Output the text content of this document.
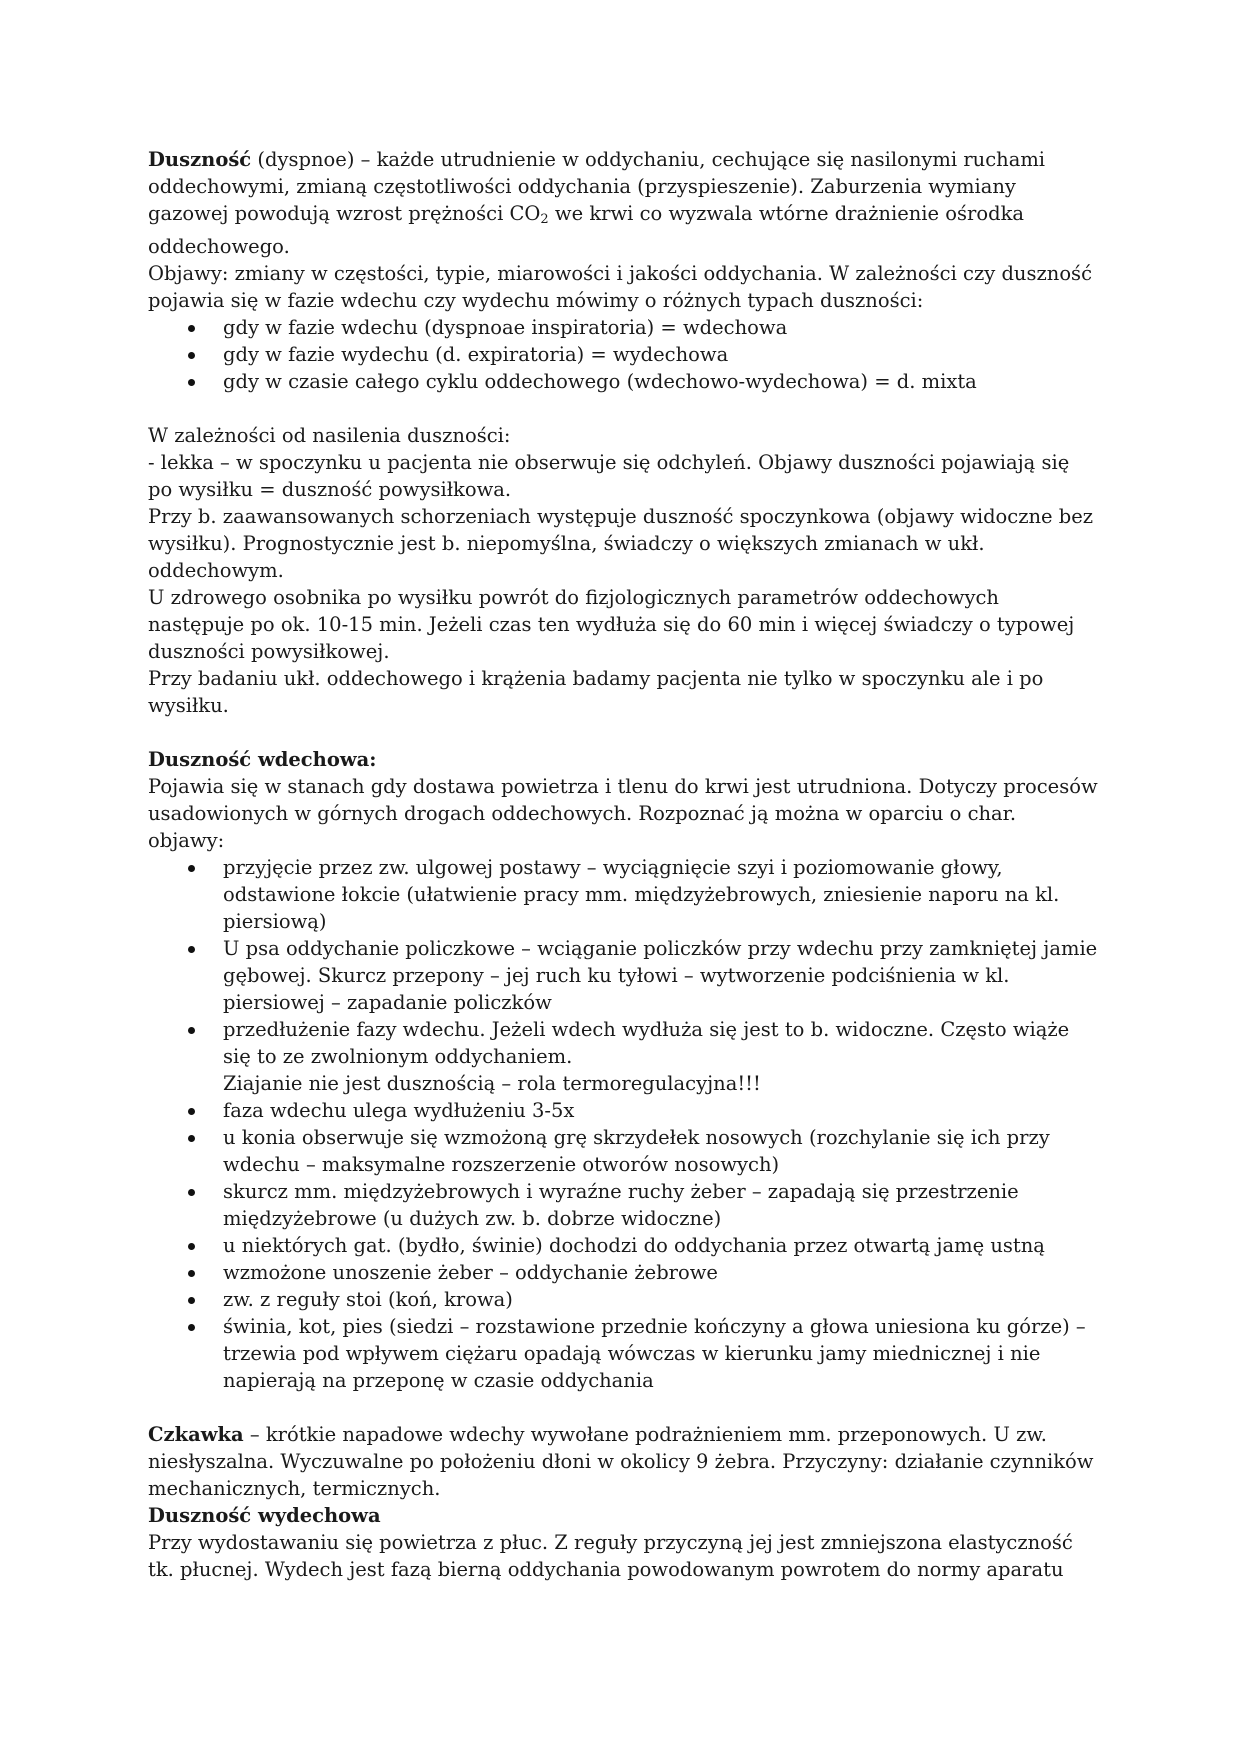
Duszność (dyspnoe) – każde utrudnienie w oddychaniu, cechujące się nasilonymi ruchami oddechowymi, zmianą częstotliwości oddychania (przyspieszenie). Zaburzenia wymiany gazowej powodują wzrost prężności $CO_2$ we krwi co wyzwala wtórne drażnienie ośrodka oddechowego.

Objawy: zmiany w częstości, typie, miarowości i jakości oddychania. W zależności czy duszność pojawia się w fazie wdechu czy wydechu mówimy o różnych typach duszności:

gdy w fazie wdechu (dyspnoae inspiratoria) = wdechowa
gdy w fazie wydechu (d. expiratoria) = wydechowa
gdy w czasie całego cyklu oddechowego (wdechowo-wydechowa) = d. mixta

W zależności od nasilenia duszności:

- lekka – w spoczynku u pacjenta nie obserwuje się odchyleń. Objawy duszności pojawiają się po wysiłku = duszność powysiłkowa.

Przy b. zaawansowanych schorzeniach występuje duszność spoczynkowa (objawy widoczne bez wysiłku). Prognostycznie jest b. niepomyślna, świadczy o większych zmianach w ukł. oddechowym.

U zdrowego osobnika po wysiłku powrót do fizjologicznych parametrów oddechowych następuje po ok. 10-15 min. Jeżeli czas ten wydłuża się do 60 min i więcej świadczy o typowej duszności powysiłkowej.

Przy badaniu ukł. oddechowego i krążenia badamy pacjenta nie tylko w spoczynku ale i po wysiłku.

Duszność wdechowa:

Pojawia się w stanach gdy dostawa powietrza i tlenu do krwi jest utrudniona. Dotyczy procesów usadowionych w górnych drogach oddechowych. Rozpoznać ją można w oparciu o char. objawy:

przyjęcie przez zw. ulgowej postawy – wyciągnięcie szyi i poziomowanie głowy, odstawione łokcie (ułatwienie pracy mm. międzyżebrowych, zniesienie naporu na kl. piersiową)
U psa oddychanie policzkowe – wciąganie policzków przy wdechu przy zamkniętej jamie gębowej. Skurcz przepony – jej ruch ku tyłowi – wytworzenie podciśnienia w kl. piersiowej – zapadanie policzków
przedłużenie fazy wdechu. Jeżeli wdech wydłuża się jest to b. widoczne. Często wiąże się to ze zwolnionym oddychaniem.
Ziajanie nie jest dusznością – rola termoregulacyjna!!!
faza wdechu ulega wydłużeniu 3-5x
u konia obserwuje się wzmożoną grę skrzydełek nosowych (rozchylanie się ich przy wdechu – maksymalne rozszerzenie otworów nosowych)
skurcz mm. międzyżebrowych i wyraźne ruchy żeber – zapadają się przestrzenie międzyżebrowe (u dużych zw. b. dobrze widoczne)
u niektórych gat. (bydło, świnie) dochodzi do oddychania przez otwartą jamę ustną
wzmożone unoszenie żeber – oddychanie żebrowe
zw. z reguły stoi (koń, krowa)
świnia, kot, pies (siedzi – rozstawione przednie kończyny a głowa uniesiona ku górze) – trzewia pod wpływem ciężaru opadają wówczas w kierunku jamy miednicznej i nie napierają na przeponę w czasie oddychania

Czkawka – krótkie napadowe wdechy wywołane podrażnieniem mm. przeponowych. U zw. niesłyszalna. Wyczuwalne po położeniu dłoni w okolicy 9 żebra. Przyczyny: działanie czynników mechanicznych, termicznych.

Duszność wydechowa

Przy wydostawaniu się powietrza z płuc. Z reguły przyczyną jej jest zmniejszona elastyczność tk. płucnej. Wydech jest fazą bierną oddychania powodowanym powrotem do normy aparatu
